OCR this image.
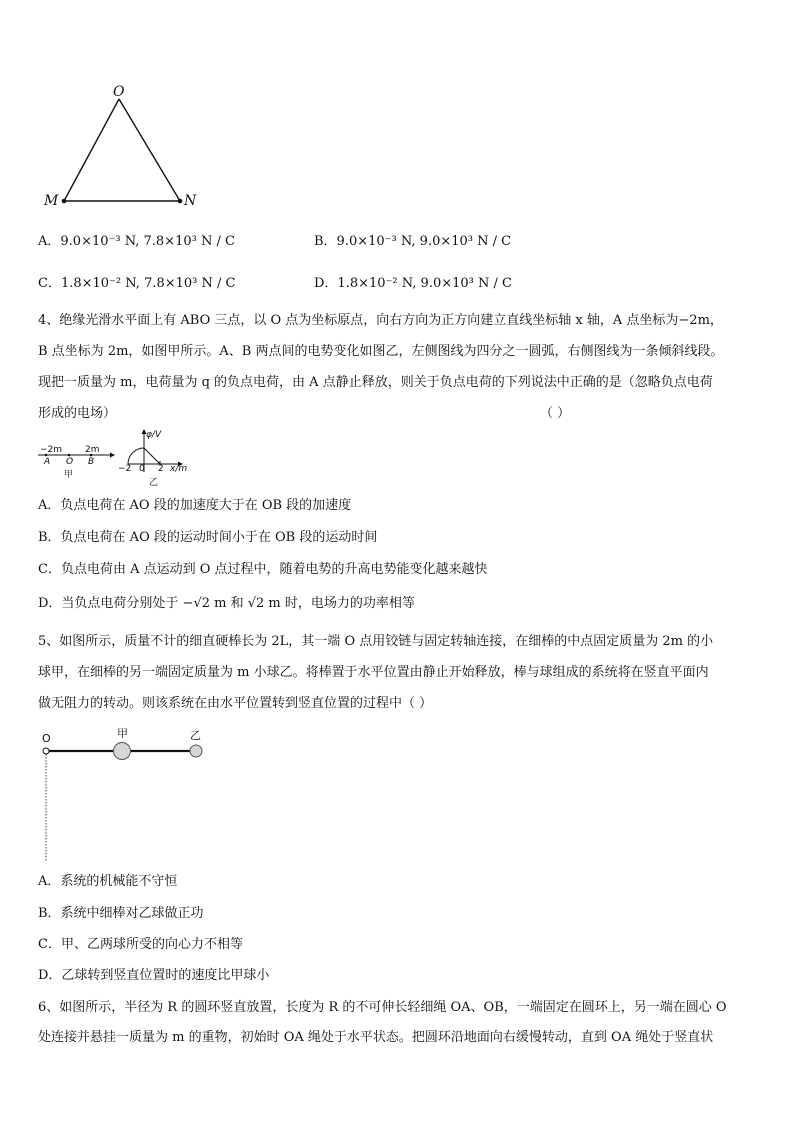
O
M	N
A．9.0×10⁻³ N, 7.8×10³ N / C	B．9.0×10⁻³ N, 9.0×10³ N / C
C．1.8×10⁻² N, 7.8×10³ N / C	D．1.8×10⁻² N, 9.0×10³ N / C
4、绝缘光滑水平面上有 ABO 三点，以 O 点为坐标原点，向右方向为正方向建立直线坐标轴 x 轴，A 点坐标为−2m，
B 点坐标为 2m，如图甲所示。A、B 两点间的电势变化如图乙，左侧图线为四分之一圆弧，右侧图线为一条倾斜线段。
现把一质量为 m，电荷量为 q 的负点电荷，由 A 点静止释放，则关于负点电荷的下列说法中正确的是（忽略负点电荷
形成的电场）	（ ）
−2m	2m
A O B
甲
φ/V
−2 0 2 x/m
乙
A．负点电荷在 AO 段的加速度大于在 OB 段的加速度
B．负点电荷在 AO 段的运动时间小于在 OB 段的运动时间
C．负点电荷由 A 点运动到 O 点过程中，随着电势的升高电势能变化越来越快
D．当负点电荷分别处于 −√2 m 和 √2 m 时，电场力的功率相等
5、如图所示，质量不计的细直硬棒长为 2L，其一端 O 点用铰链与固定转轴连接，在细棒的中点固定质量为 2m 的小
球甲，在细棒的另一端固定质量为 m 小球乙。将棒置于水平位置由静止开始释放，棒与球组成的系统将在竖直平面内
做无阻力的转动。则该系统在由水平位置转到竖直位置的过程中（ ）
O	甲	乙
A．系统的机械能不守恒
B．系统中细棒对乙球做正功
C．甲、乙两球所受的向心力不相等
D．乙球转到竖直位置时的速度比甲球小
6、如图所示，半径为 R 的圆环竖直放置，长度为 R 的不可伸长轻细绳 OA、OB，一端固定在圆环上，另一端在圆心 O
处连接并悬挂一质量为 m 的重物，初始时 OA 绳处于水平状态。把圆环沿地面向右缓慢转动，直到 OA 绳处于竖直状
